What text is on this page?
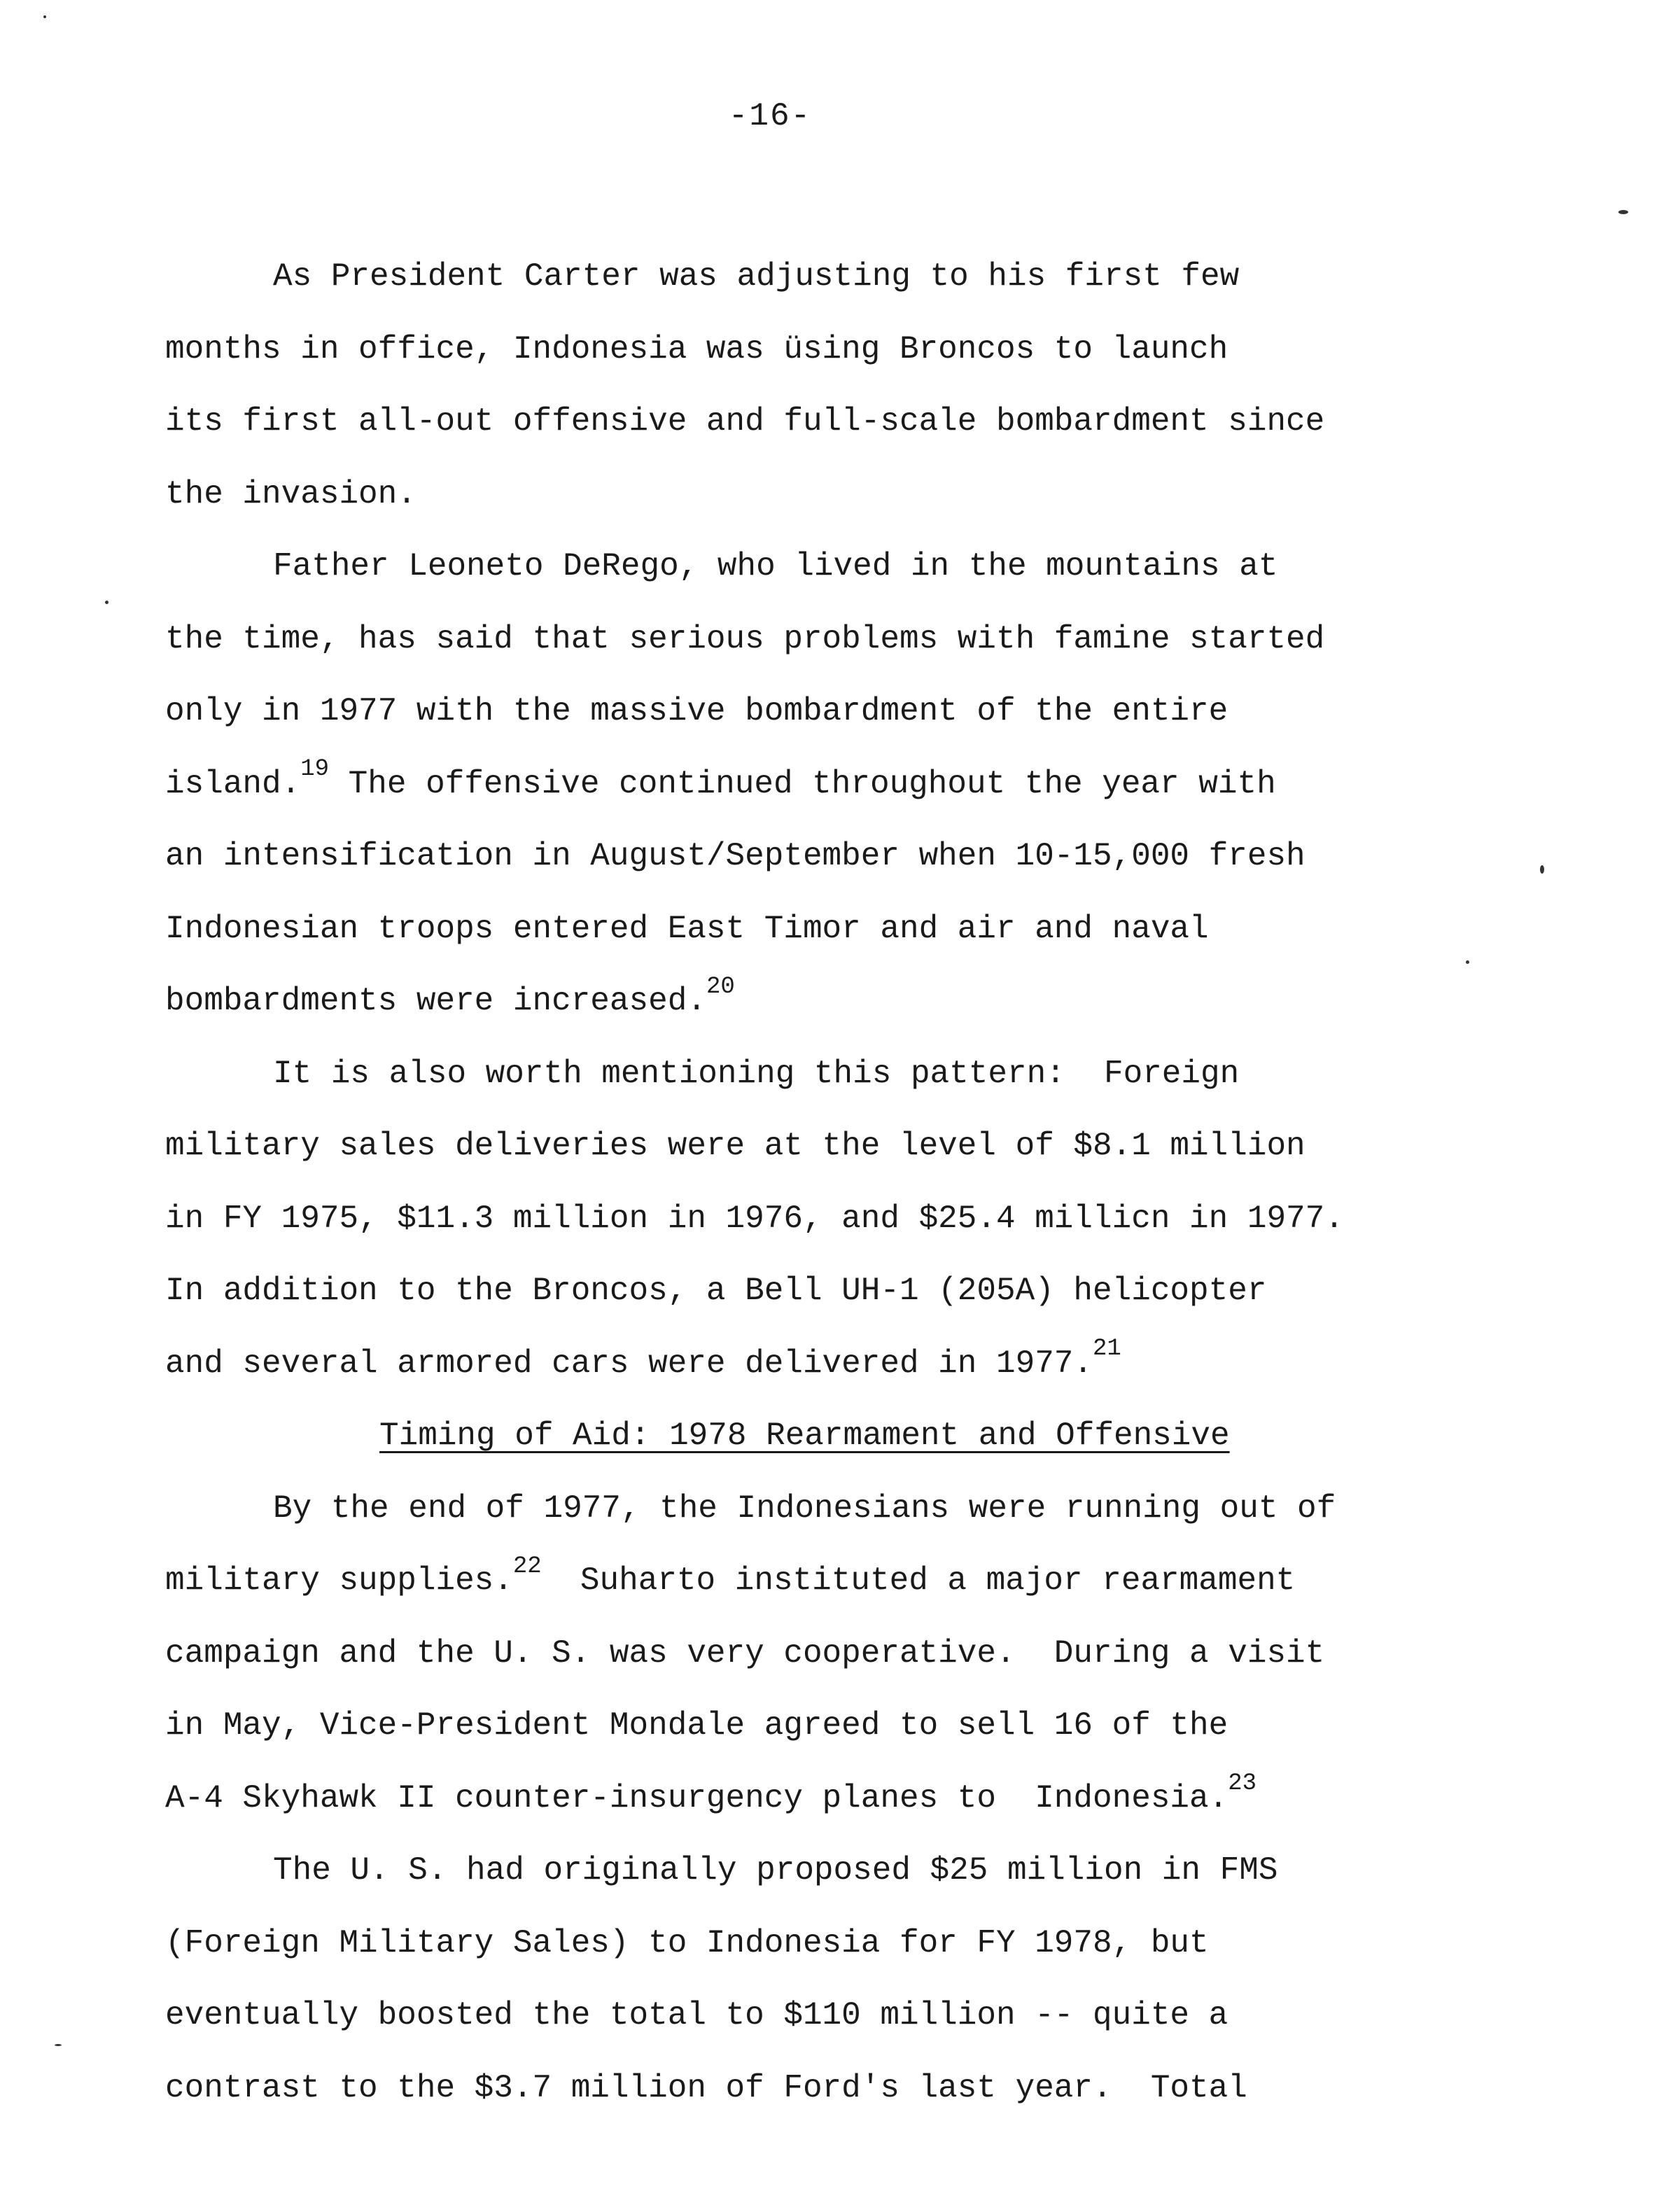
-16-

As President Carter was adjusting to his first few
months in office, Indonesia was üsing Broncos to launch
its first all-out offensive and full-scale bombardment since
the invasion.

Father Leoneto DeRego, who lived in the mountains at
the time, has said that serious problems with famine started
only in 1977 with the massive bombardment of the entire
island.$^{19}$ The offensive continued throughout the year with
an intensification in August/September when 10-15,000 fresh
Indonesian troops entered East Timor and air and naval
bombardments were increased.$^{20}$

It is also worth mentioning this pattern:  Foreign
military sales deliveries were at the level of $8.1 million
in FY 1975, $11.3 million in 1976, and $25.4 millicn in 1977.
In addition to the Broncos, a Bell UH-1 (205A) helicopter
and several armored cars were delivered in 1977.21

Timing of Aid: 1978 Rearmament and Offensive

By the end of 1977, the Indonesians were running out of
military supplies.$^{22}$  Suharto instituted a major rearmament
campaign and the U. S. was very cooperative.  During a visit
in May, Vice-President Mondale agreed to sell 16 of the
A-4 Skyhawk II counter-insurgency planes to  Indonesia.$^{23}$

The U. S. had originally proposed $25 million in FMS
(Foreign Military Sales) to Indonesia for FY 1978, but
eventually boosted the total to $110 million -- quite a
contrast to the $3.7 million of Ford's last year.  Total
